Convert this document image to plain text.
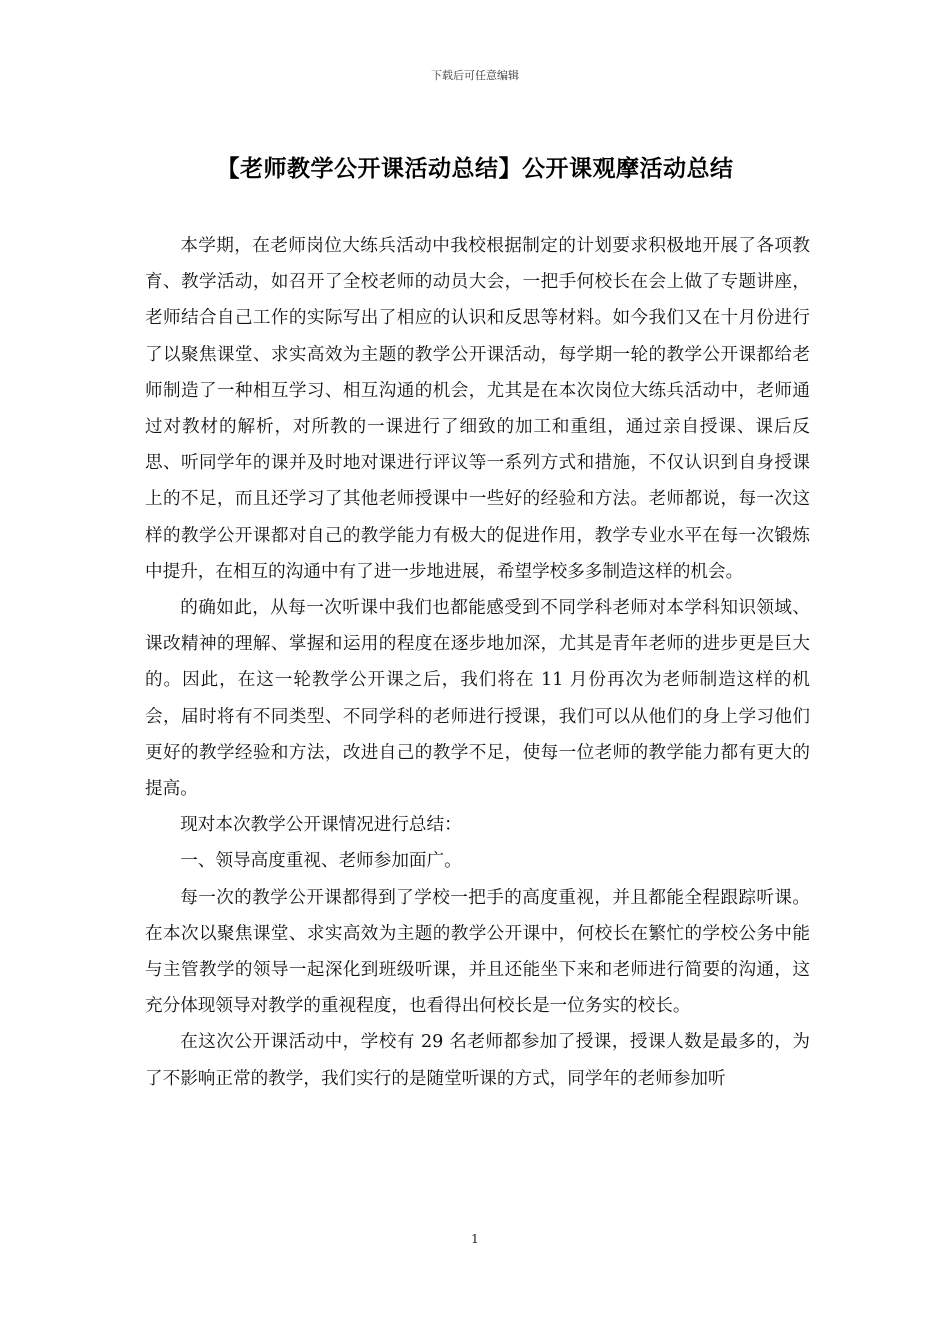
下载后可任意编辑
【老师教学公开课活动总结】公开课观摩活动总结

本学期，在老师岗位大练兵活动中我校根据制定的计划要求积极地开展了各项教育、教学活动，如召开了全校老师的动员大会，一把手何校长在会上做了专题讲座，老师结合自己工作的实际写出了相应的认识和反思等材料。如今我们又在十月份进行了以聚焦课堂、求实高效为主题的教学公开课活动，每学期一轮的教学公开课都给老师制造了一种相互学习、相互沟通的机会，尤其是在本次岗位大练兵活动中，老师通过对教材的解析，对所教的一课进行了细致的加工和重组，通过亲自授课、课后反思、听同学年的课并及时地对课进行评议等一系列方式和措施，不仅认识到自身授课上的不足，而且还学习了其他老师授课中一些好的经验和方法。老师都说，每一次这样的教学公开课都对自己的教学能力有极大的促进作用，教学专业水平在每一次锻炼中提升，在相互的沟通中有了进一步地进展，希望学校多多制造这样的机会。

的确如此，从每一次听课中我们也都能感受到不同学科老师对本学科知识领域、课改精神的理解、掌握和运用的程度在逐步地加深，尤其是青年老师的进步更是巨大的。因此，在这一轮教学公开课之后，我们将在 11 月份再次为老师制造这样的机会，届时将有不同类型、不同学科的老师进行授课，我们可以从他们的身上学习他们更好的教学经验和方法，改进自己的教学不足，使每一位老师的教学能力都有更大的提高。

现对本次教学公开课情况进行总结：

一、领导高度重视、老师参加面广。

每一次的教学公开课都得到了学校一把手的高度重视，并且都能全程跟踪听课。在本次以聚焦课堂、求实高效为主题的教学公开课中，何校长在繁忙的学校公务中能与主管教学的领导一起深化到班级听课，并且还能坐下来和老师进行简要的沟通，这充分体现领导对教学的重视程度，也看得出何校长是一位务实的校长。

在这次公开课活动中，学校有 29 名老师都参加了授课，授课人数是最多的，为了不影响正常的教学，我们实行的是随堂听课的方式，同学年的老师参加听

1
